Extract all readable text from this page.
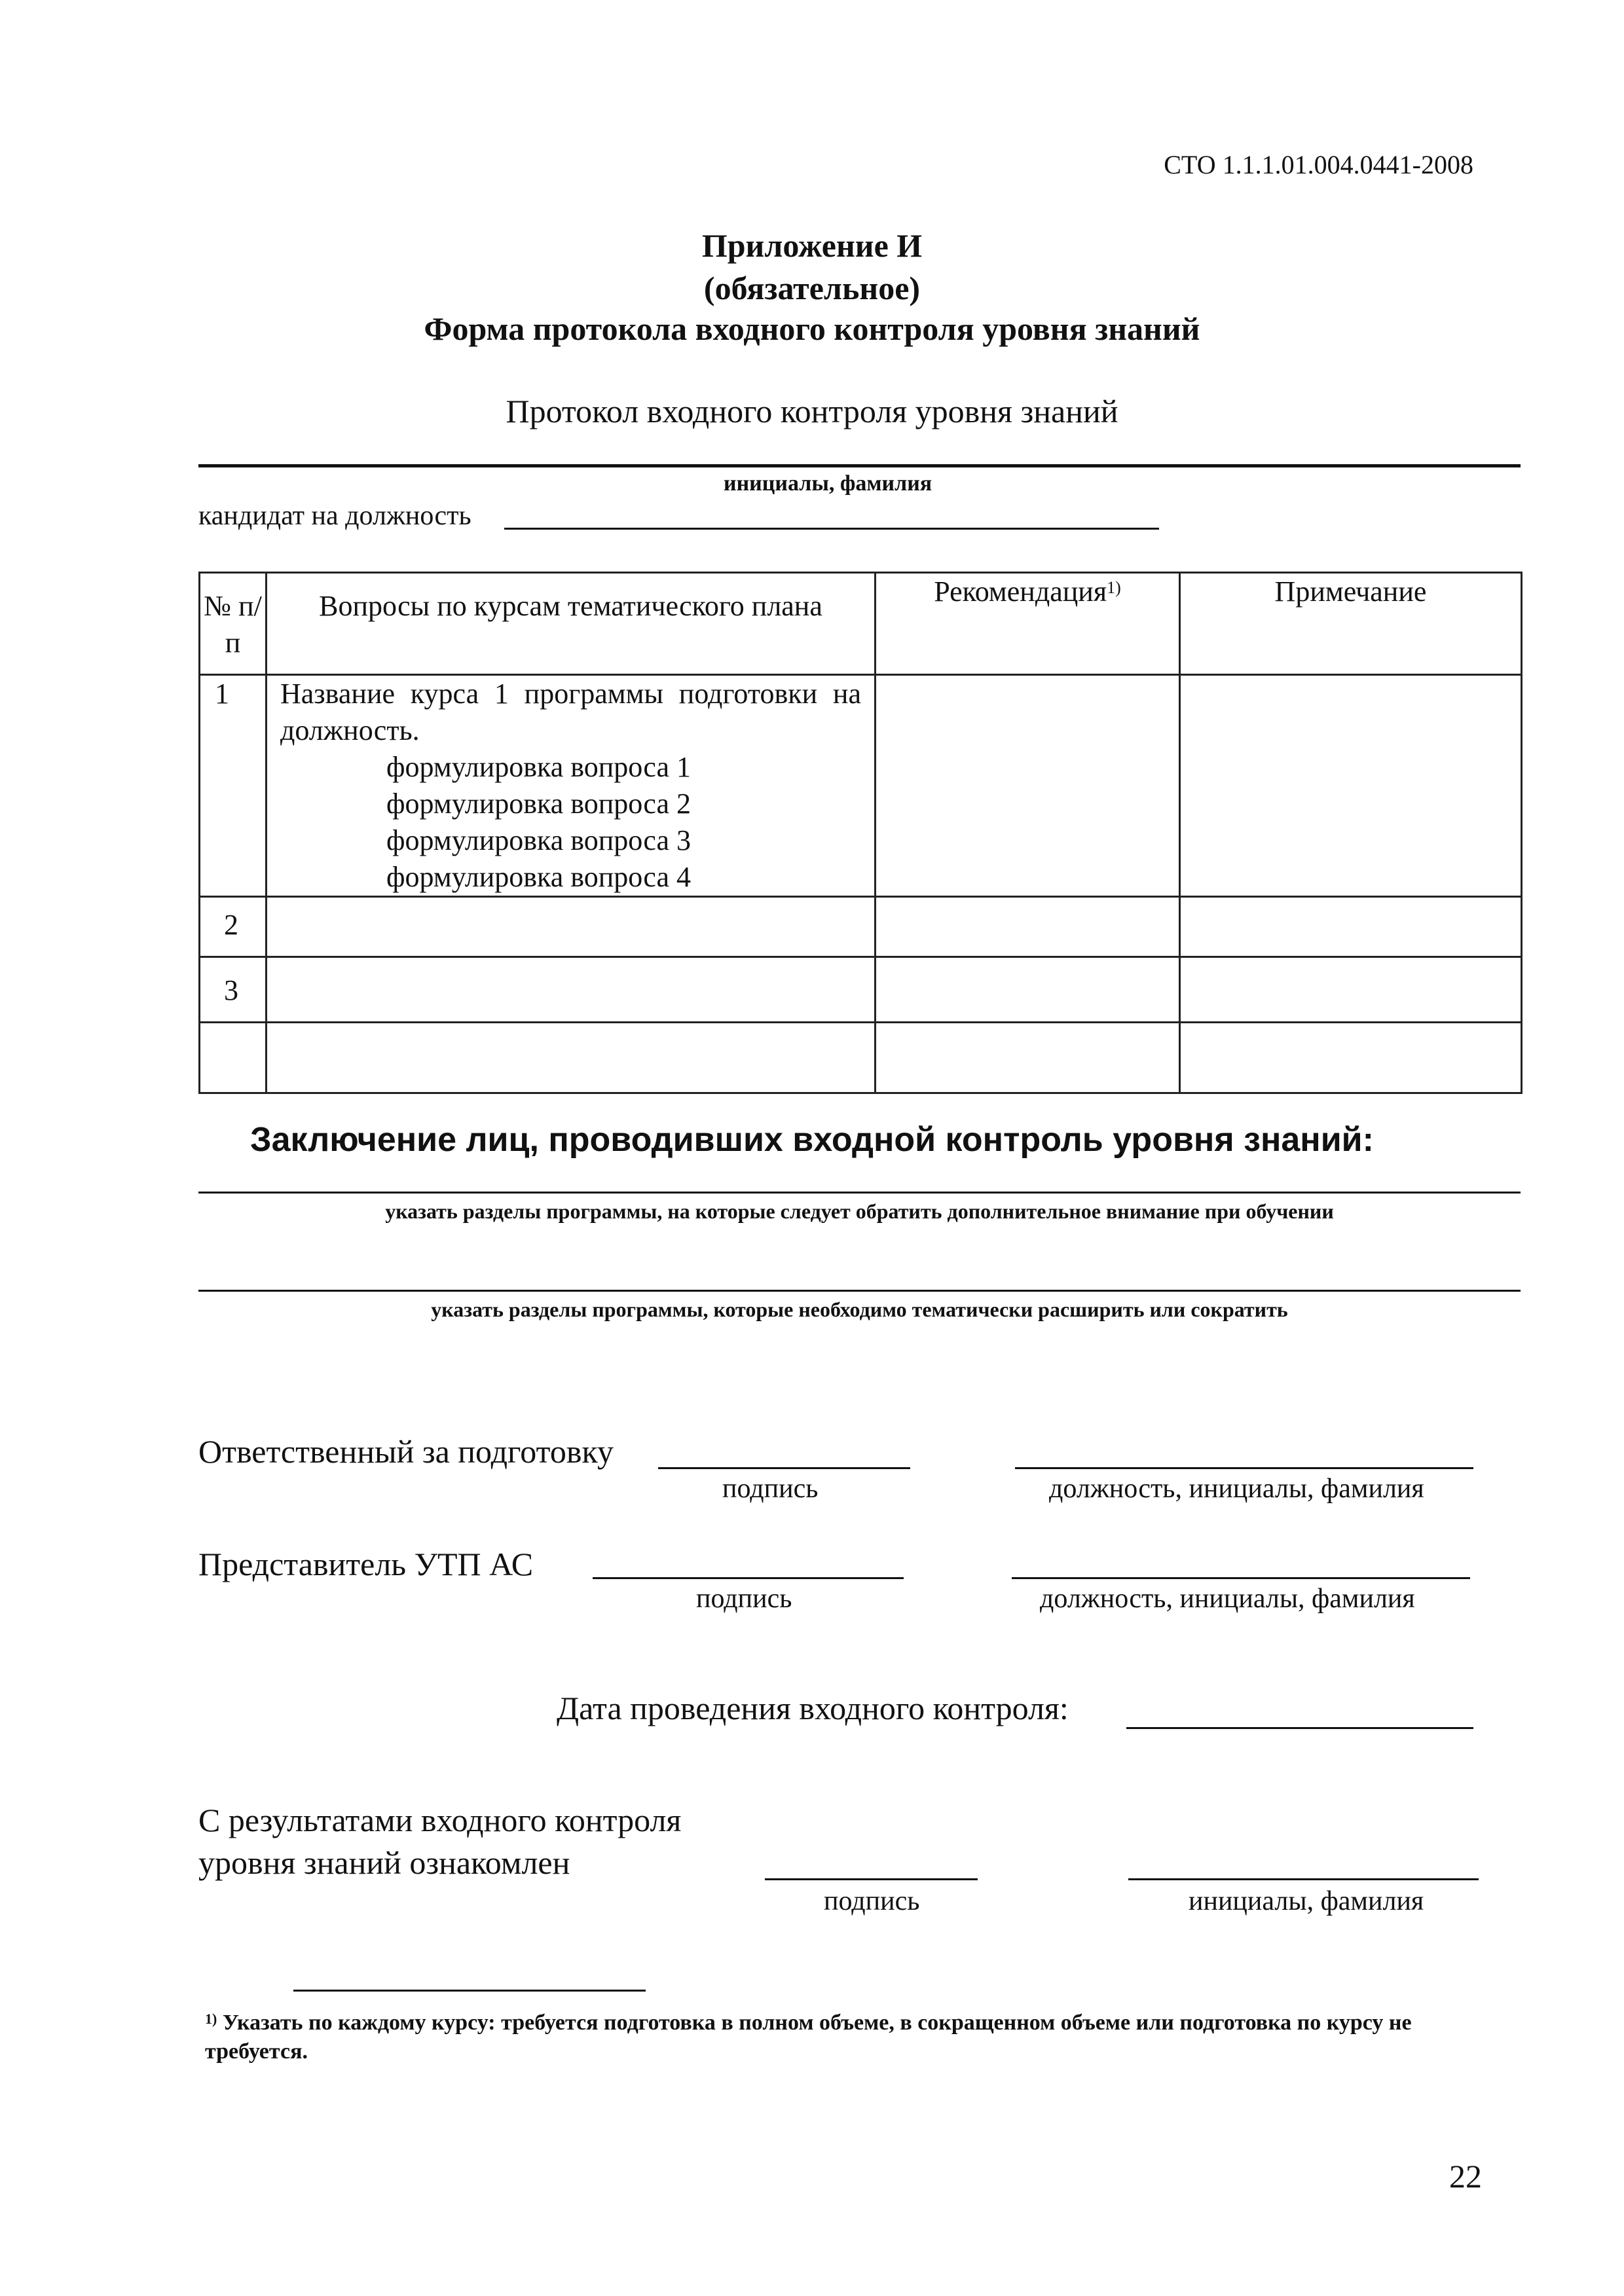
СТО 1.1.1.01.004.0441-2008
Приложение И
(обязательное)
Форма протокола входного контроля уровня знаний
Протокол входного контроля уровня знаний
инициалы, фамилия
кандидат на должность
№ п/п	Вопросы по курсам тематического плана	Рекомендация$^{1)}$	Примечание
1	Название курса 1 программы подготовки на должность.
формулировка вопроса 1
формулировка вопроса 2
формулировка вопроса 3
формулировка вопроса 4		

2			
3			

Заключение лиц, проводивших входной контроль уровня знаний:
указать разделы программы, на которые следует обратить дополнительное внимание при обучении
указать разделы программы, которые необходимо тематически расширить или сократить
Ответственный за подготовку
подпись	должность, инициалы, фамилия
Представитель УТП АС
подпись	должность, инициалы, фамилия
Дата проведения входного контроля:
С результатами входного контроля
уровня знаний ознакомлен
подпись	инициалы, фамилия
$^{1)}$ Указать по каждому курсу: требуется подготовка в полном объеме, в сокращенном объеме или подготовка по курсу не требуется.
22
